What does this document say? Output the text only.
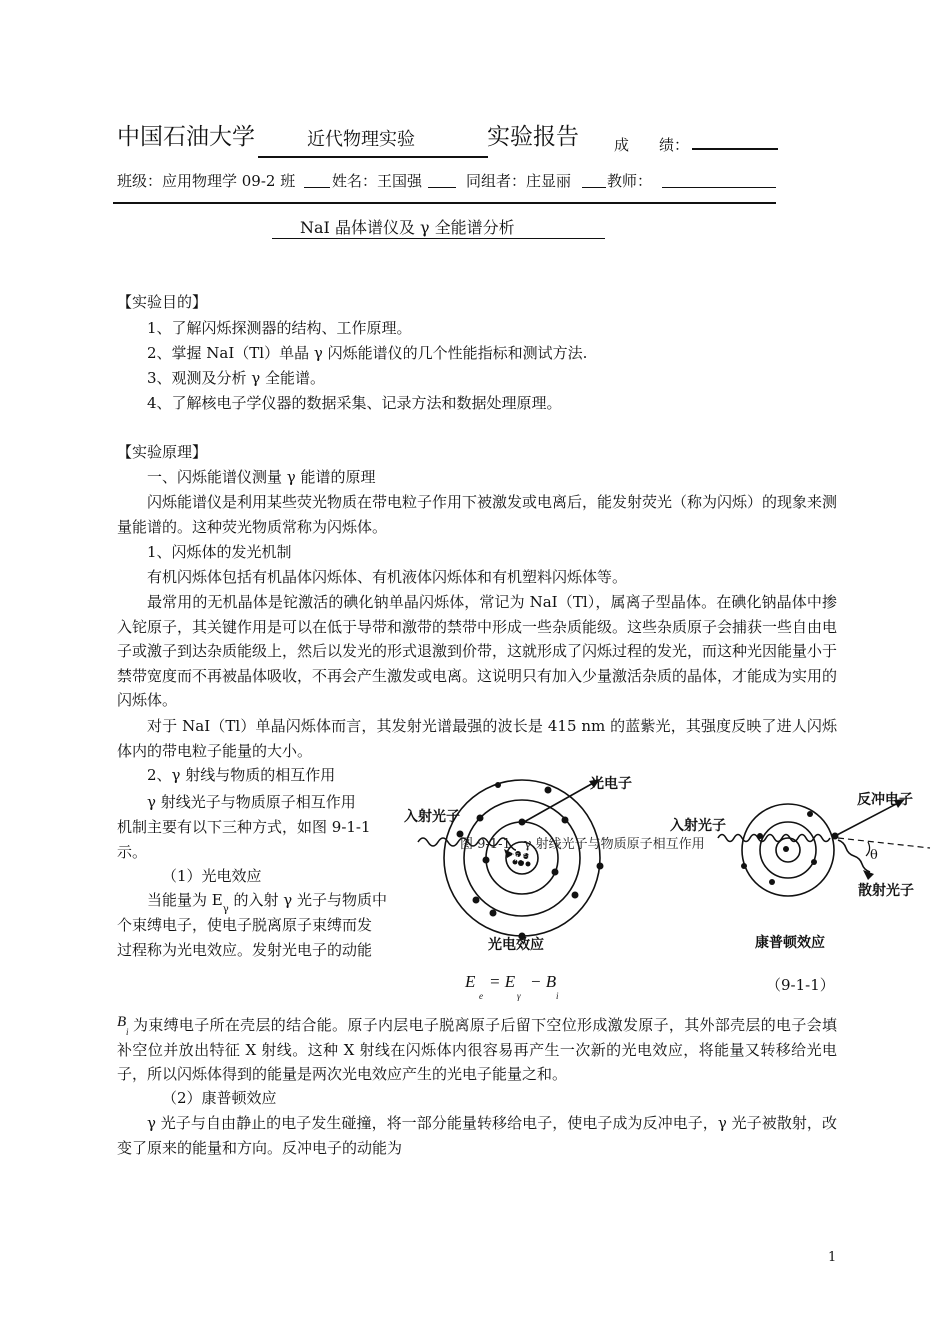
中国石油大学	近代物理实验	实验报告 成　　绩：
班级：应用物理学 09-2 班 姓名：王国强	同组者：庄显丽 教师：
NaI 晶体谱仪及 γ 全能谱分析
【实验目的】
1、了解闪烁探测器的结构、工作原理。
2、掌握 NaI（Tl）单晶 γ 闪烁能谱仪的几个性能指标和测试方法.
3、观测及分析 γ 全能谱。
4、了解核电子学仪器的数据采集、记录方法和数据处理原理。
【实验原理】
一、闪烁能谱仪测量 γ 能谱的原理
闪烁能谱仪是利用某些荧光物质在带电粒子作用下被激发或电离后，能发射荧光（称为闪烁）的现象来测量能谱的。这种荧光物质常称为闪烁体。
1、闪烁体的发光机制
有机闪烁体包括有机晶体闪烁体、有机液体闪烁体和有机塑料闪烁体等。
最常用的无机晶体是铊激活的碘化钠单晶闪烁体，常记为 NaI（Tl），属离子型晶体。在碘化钠晶体中掺入铊原子，其关键作用是可以在低于导带和激带的禁带中形成一些杂质能级。这些杂质原子会捕获一些自由电子或激子到达杂质能级上，然后以发光的形式退激到价带，这就形成了闪烁过程的发光，而这种光因能量小于禁带宽度而不再被晶体吸收，不再会产生激发或电离。这说明只有加入少量激活杂质的晶体，才能成为实用的闪烁体。
对于 NaI（Tl）单晶闪烁体而言，其发射光谱最强的波长是 415 nm 的蓝紫光，其强度反映了进人闪烁体内的带电粒子能量的大小。
2、γ 射线与物质的相互作用
γ 射线光子与物质原子相互作用
机制主要有以下三种方式，如图 9-1-1
示。
（1）光电效应
当能量为 $E_\gamma$ 的入射 γ 光子与物质中
个束缚电子，使电子脱离原子束缚而发
过程称为光电效应。发射光电子的动能
光电子
入射光子
原子核
光电效应
反冲电子
入射光子
散射光子
θ
康普顿效应
图 9-1-1　γ 射线光子与物质原子相互作用
E
e
= E
γ
− B
i
（9-1-1）
B
i 为束缚电子所在壳层的结合能。原子内层电子脱离原子后留下空位形成激发原子，其外部壳层的电子会填补空位并放出特征 X 射线。这种 X 射线在闪烁体内很容易再产生一次新的光电效应，将能量又转移给光电子，所以闪烁体得到的能量是两次光电效应产生的光电子能量之和。
（2）康普顿效应
γ 光子与自由静止的电子发生碰撞，将一部分能量转移给电子，使电子成为反冲电子，γ 光子被散射，改变了原来的能量和方向。反冲电子的动能为
1
